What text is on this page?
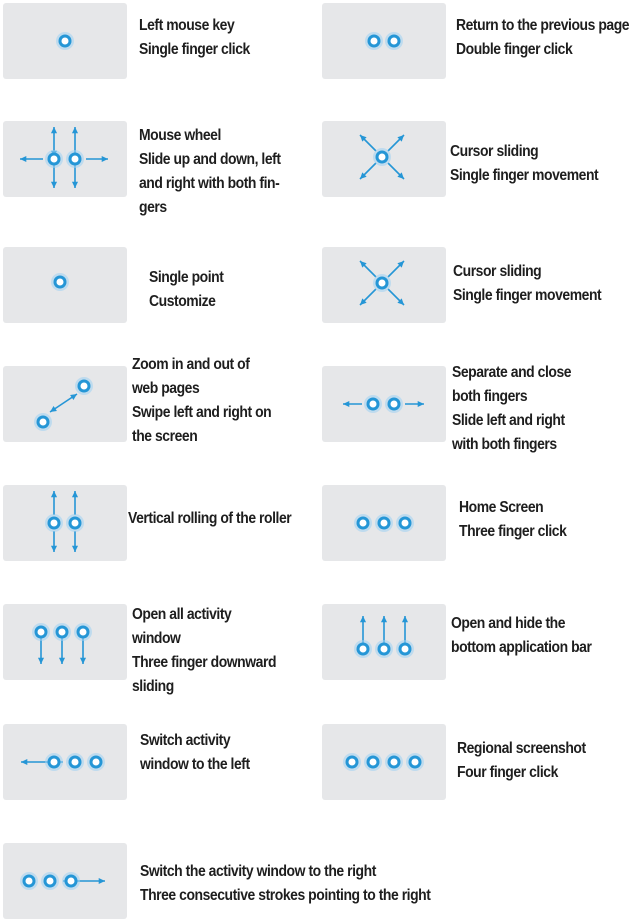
Left mouse key
Single finger click
Return to the previous page
Double finger click
Mouse wheel
Slide up and down, left
and right with both fin-
gers
Cursor sliding
Single finger movement
Single point
Customize
Cursor sliding
Single finger movement
Zoom in and out of
web pages
Swipe left and right on
the screen
Separate and close
both fingers
Slide left and right
with both fingers
Vertical rolling of the roller
Home Screen
Three finger click
Open all activity
window
Three finger downward
sliding
Open and hide the
bottom application bar
Switch activity
window to the left
Regional screenshot
Four finger click
Switch the activity window to the right
Three consecutive strokes pointing to the right
